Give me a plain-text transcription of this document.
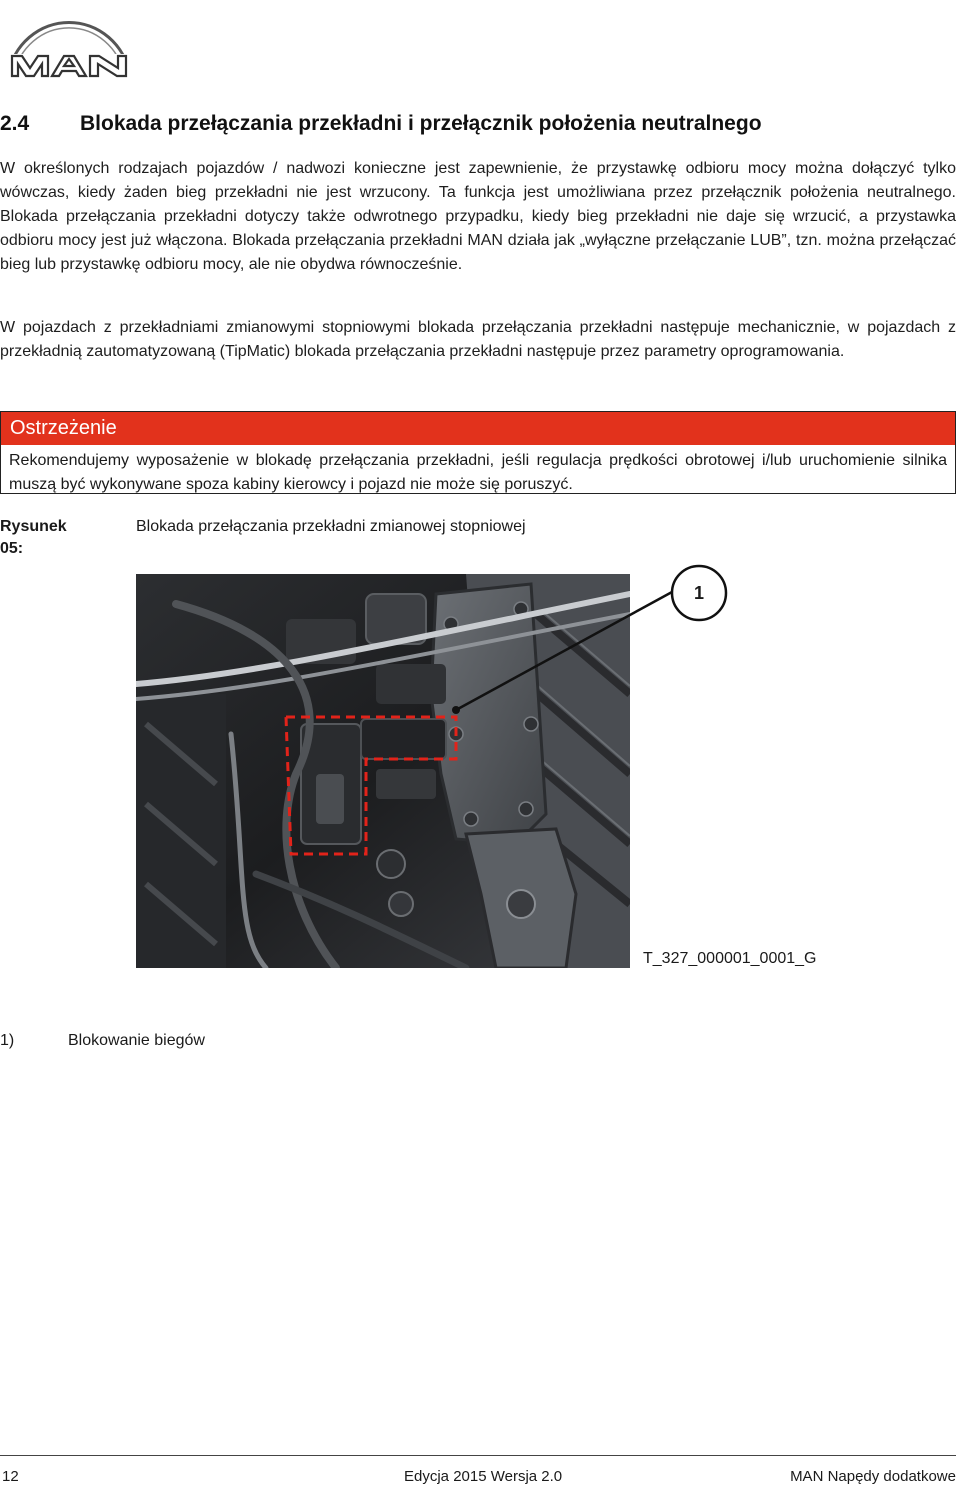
2.4 Blokada przełączania przekładni i przełącznik położenia neutralnego

W określonych rodzajach pojazdów / nadwozi konieczne jest zapewnienie, że przystawkę odbioru mocy można dołączyć tylko wówczas, kiedy żaden bieg przekładni nie jest wrzucony. Ta funkcja jest umożliwiana przez przełącznik położenia neutralnego. Blokada przełączania przekładni dotyczy także odwrotnego przypadku, kiedy bieg przekładni nie daje się wrzucić, a przystawka odbioru mocy jest już włączona. Blokada przełączania przekładni MAN działa jak „wyłączne przełączanie LUB”, tzn. można przełączać bieg lub przystawkę odbioru mocy, ale nie obydwa równocześnie.

W pojazdach z przekładniami zmianowymi stopniowymi blokada przełączania przekładni następuje mechanicznie, w pojazdach z przekładnią zautomatyzowaną (TipMatic) blokada przełączania przekładni następuje przez parametry oprogramowania.

Ostrzeżenie
Rekomendujemy wyposażenie w blokadę przełączania przekładni, jeśli regulacja prędkości obrotowej i/lub uruchomienie silnika muszą być wykonywane spoza kabiny kierowcy i pojazd nie może się poruszyć.
Rysunek 05:
Blokada przełączania przekładni zmianowej stopniowej
1
T_327_000001_0001_G
1)	Blokowanie biegów
12	Edycja 2015 Wersja 2.0	MAN Napędy dodatkowe
